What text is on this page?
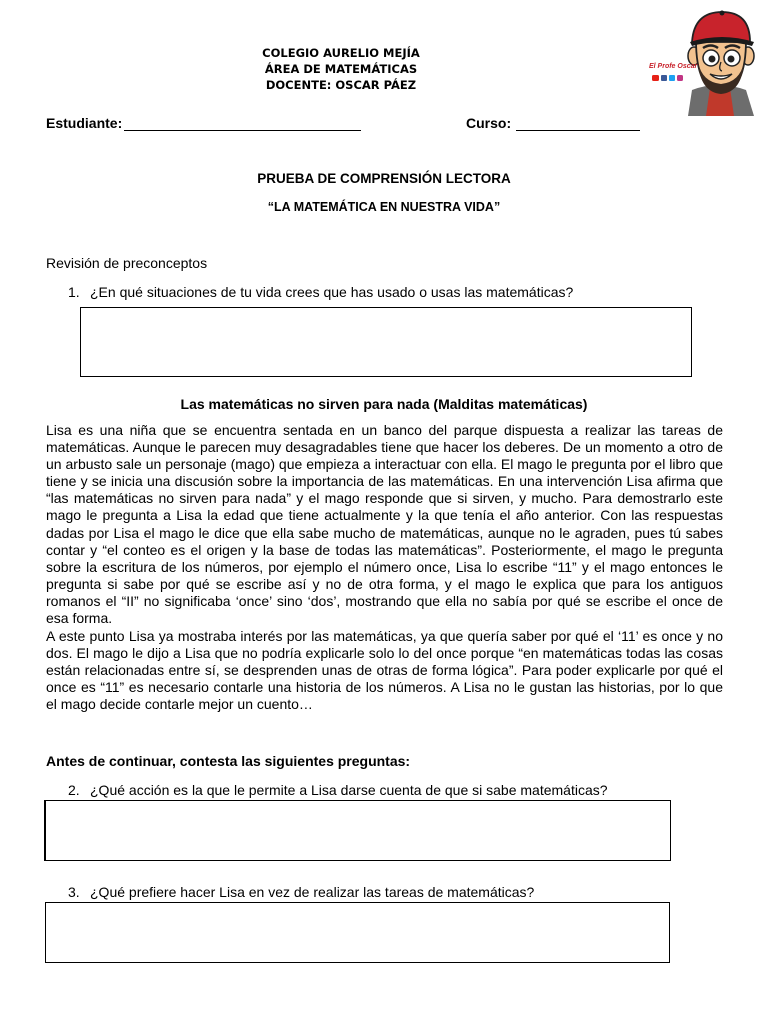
COLEGIO AURELIO MEJÍA
ÁREA DE MATEMÁTICAS
DOCENTE: OSCAR PÁEZ
El Profe Oscar
Estudiante:	Curso:
PRUEBA DE COMPRENSIÓN LECTORA
“LA MATEMÁTICA EN NUESTRA VIDA”
Revisión de preconceptos
1. ¿En qué situaciones de tu vida crees que has usado o usas las matemáticas?
Las matemáticas no sirven para nada (Malditas matemáticas)

Lisa es una niña que se encuentra sentada en un banco del parque dispuesta a realizar las tareas de matemáticas. Aunque le parecen muy desagradables tiene que hacer los deberes. De un momento a otro de un arbusto sale un personaje (mago) que empieza a interactuar con ella. El mago le pregunta por el libro que tiene y se inicia una discusión sobre la importancia de las matemáticas. En una intervención Lisa afirma que “las matemáticas no sirven para nada” y el mago responde que si sirven, y mucho. Para demostrarlo este mago le pregunta a Lisa la edad que tiene actualmente y la que tenía el año anterior. Con las respuestas dadas por Lisa el mago le dice que ella sabe mucho de matemáticas, aunque no le agraden, pues tú sabes contar y “el conteo es el origen y la base de todas las matemáticas”. Posteriormente, el mago le pregunta sobre la escritura de los números, por ejemplo el número once, Lisa lo escribe “11” y el mago entonces le pregunta si sabe por qué se escribe así y no de otra forma, y el mago le explica que para los antiguos romanos el “II” no significaba ‘once’ sino ‘dos’, mostrando que ella no sabía por qué se escribe el once de esa forma.

A este punto Lisa ya mostraba interés por las matemáticas, ya que quería saber por qué el ‘11’ es once y no dos. El mago le dijo a Lisa que no podría explicarle solo lo del once porque “en matemáticas todas las cosas están relacionadas entre sí, se desprenden unas de otras de forma lógica”. Para poder explicarle por qué el once es “11” es necesario contarle una historia de los números. A Lisa no le gustan las historias, por lo que el mago decide contarle mejor un cuento…

Antes de continuar, contesta las siguientes preguntas:
2. ¿Qué acción es la que le permite a Lisa darse cuenta de que si sabe matemáticas?
3. ¿Qué prefiere hacer Lisa en vez de realizar las tareas de matemáticas?
